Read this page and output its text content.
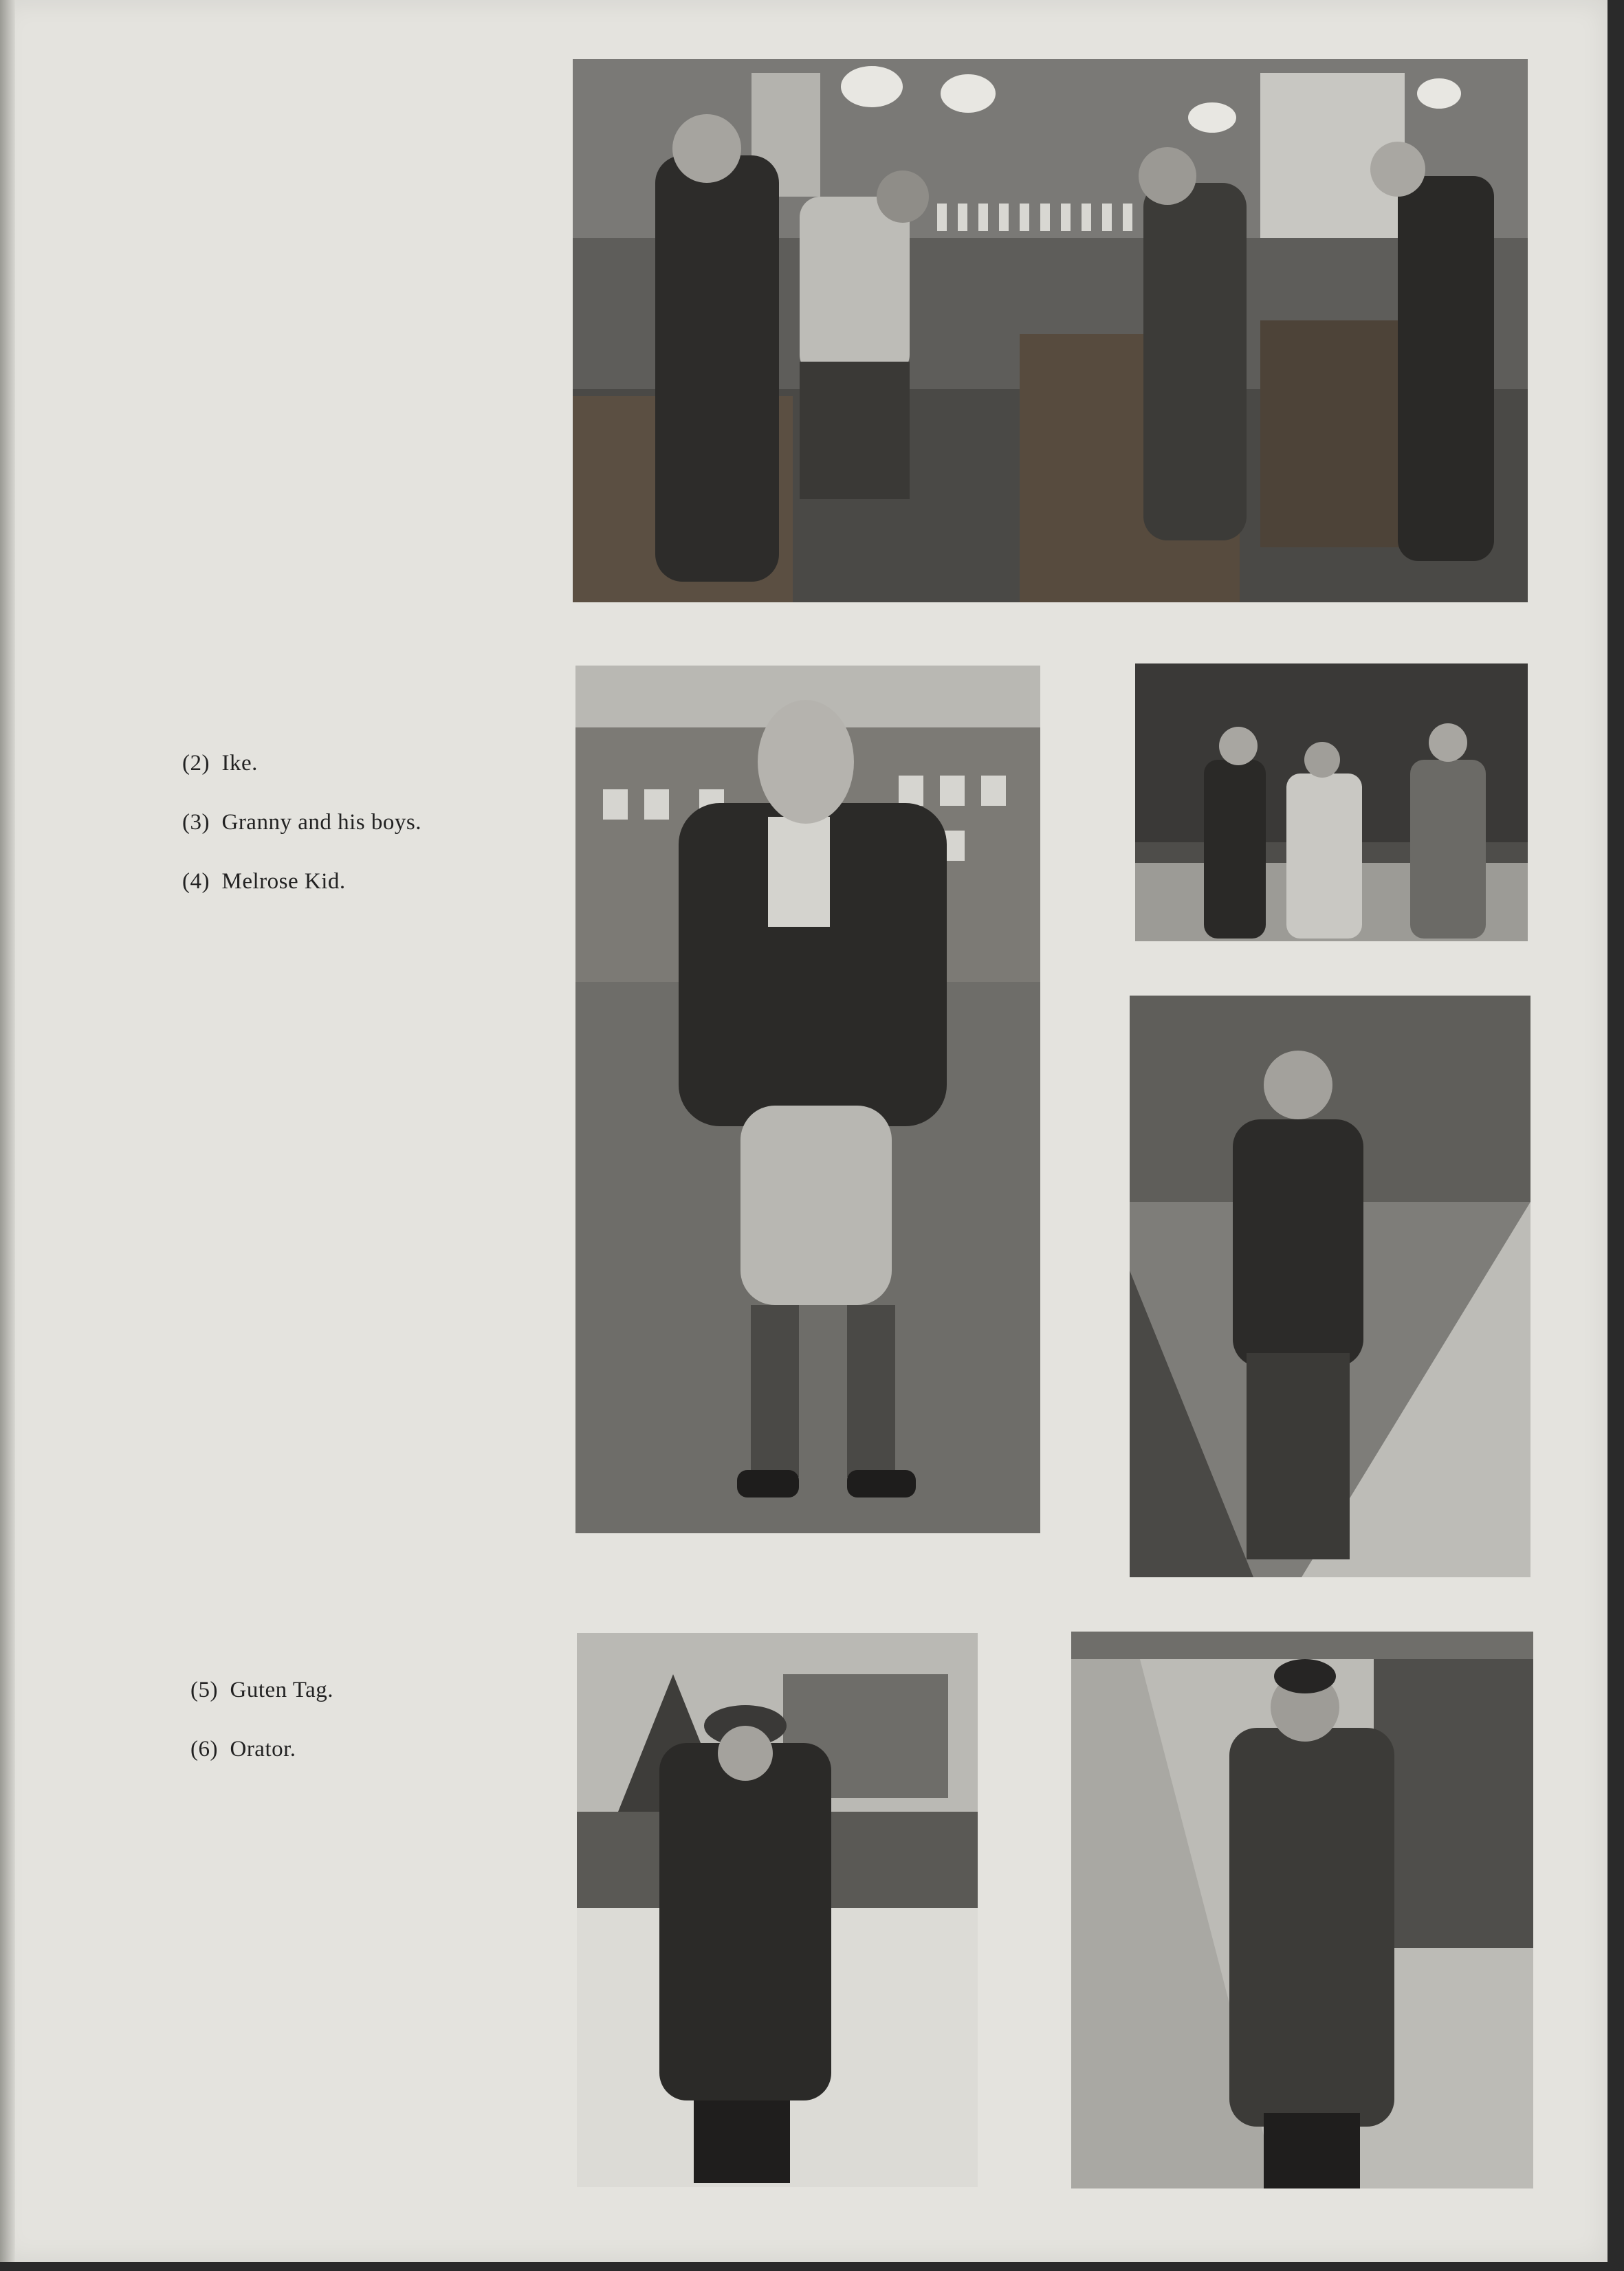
(2) Ike.
(3) Granny and his boys.
(4) Melrose Kid.
(5) Guten Tag.
(6) Orator.
